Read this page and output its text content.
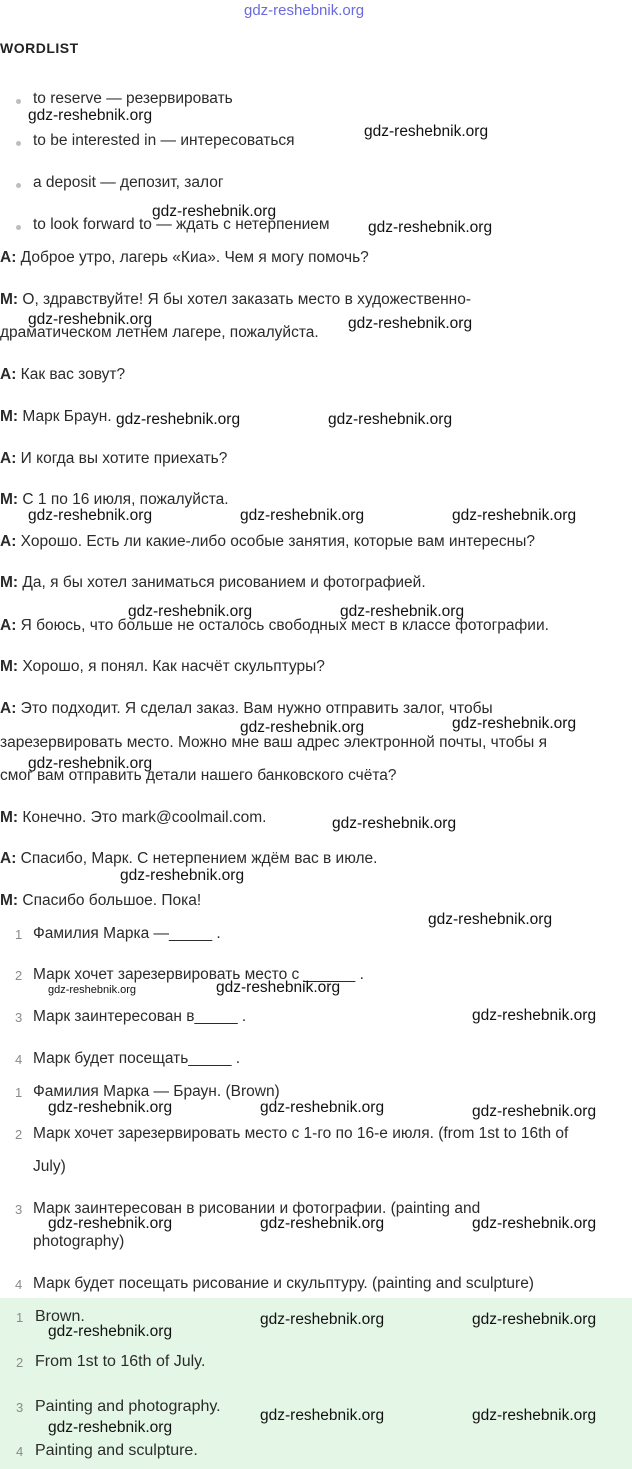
gdz-reshebnik.org
WORDLIST
to reserve — резервировать
to be interested in — интересоваться
a deposit — депозит, залог
to look forward to — ждать с нетерпением
A: Доброе утро, лагерь «Киа». Чем я могу помочь?
M: О, здравствуйте! Я бы хотел заказать место в художественно-
драматическом летнем лагере, пожалуйста.
A: Как вас зовут?
M: Марк Браун.
A: И когда вы хотите приехать?
M: С 1 по 16 июля, пожалуйста.
A: Хорошо. Есть ли какие-либо особые занятия, которые вам интересны?
M: Да, я бы хотел заниматься рисованием и фотографией.
A: Я боюсь, что больше не осталось свободных мест в классе фотографии.
M: Хорошо, я понял. Как насчёт скульптуры?
A: Это подходит. Я сделал заказ. Вам нужно отправить залог, чтобы
зарезервировать место. Можно мне ваш адрес электронной почты, чтобы я
смог вам отправить детали нашего банковского счёта?
M: Конечно. Это mark@coolmail.com.
A: Спасибо, Марк. С нетерпением ждём вас в июле.
M: Спасибо большое. Пока!
1 Фамилия Марка —_____ .
2 Марк хочет зарезервировать место с ______ .
3 Марк заинтересован в_____ .
4 Марк будет посещать_____ .
1 Фамилия Марка — Браун. (Brown)
2 Марк хочет зарезервировать место с 1-го по 16-е июля. (from 1st to 16th of
July)
3 Марк заинтересован в рисовании и фотографии. (painting and
photography)
4 Марк будет посещать рисование и скульптуру. (painting and sculpture)
1 Brown.
2 From 1st to 16th of July.
3 Painting and photography.
4 Painting and sculpture.
gdz-reshebnik.org
gdz-reshebnik.org
gdz-reshebnik.org
gdz-reshebnik.org
gdz-reshebnik.org	gdz-reshebnik.org
gdz-reshebnik.org	gdz-reshebnik.org
gdz-reshebnik.org	gdz-reshebnik.org	gdz-reshebnik.org
gdz-reshebnik.org	gdz-reshebnik.org
gdz-reshebnik.org	gdz-reshebnik.org
gdz-reshebnik.org
gdz-reshebnik.org
gdz-reshebnik.org
gdz-reshebnik.org
gdz-reshebnik.org	gdz-reshebnik.org
gdz-reshebnik.org
gdz-reshebnik.org	gdz-reshebnik.org	gdz-reshebnik.org
gdz-reshebnik.org	gdz-reshebnik.org	gdz-reshebnik.org
gdz-reshebnik.org
gdz-reshebnik.org	gdz-reshebnik.org
gdz-reshebnik.org
gdz-reshebnik.org	gdz-reshebnik.org
